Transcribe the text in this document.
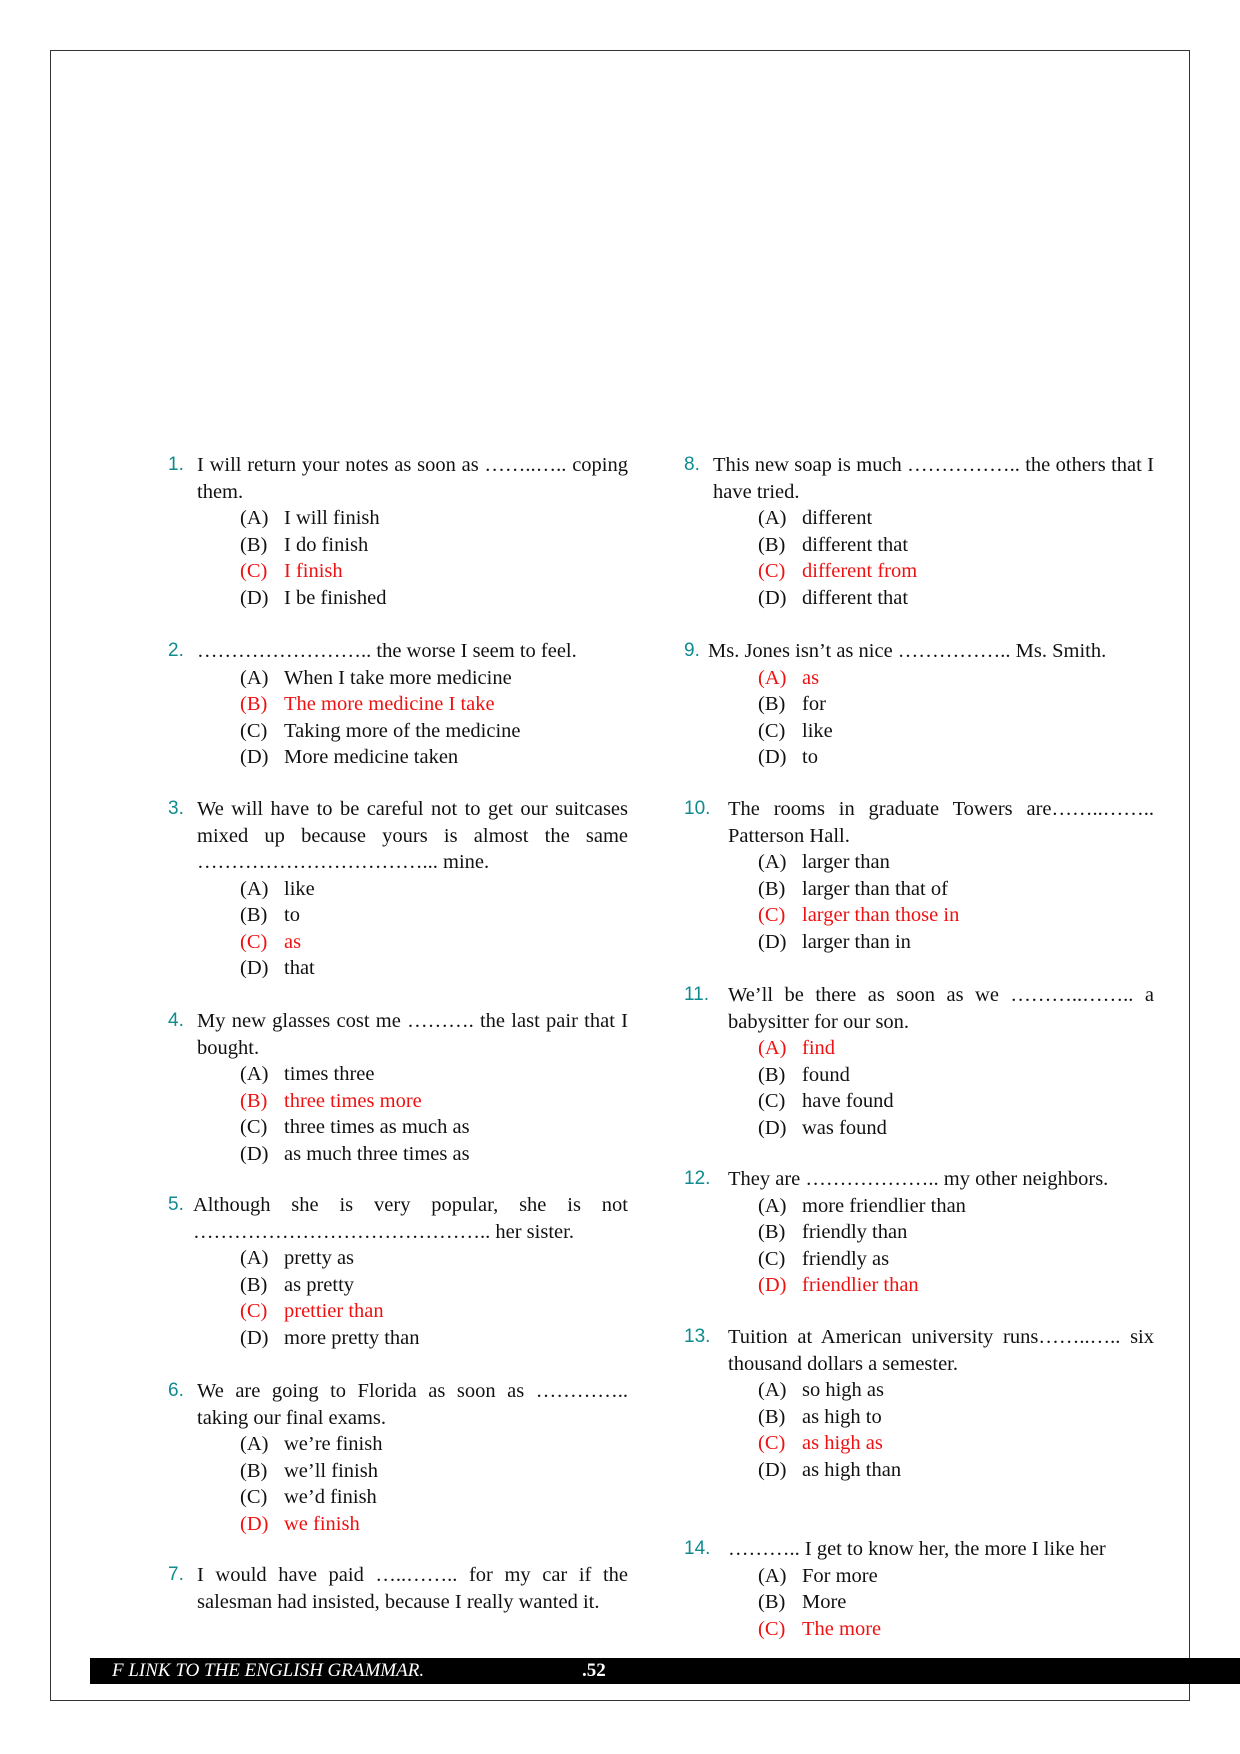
1. I will return your notes as soon as ……..….. coping them.
(A) I will finish
(B) I do finish
(C) I finish
(D) I be finished
2. …………………….. the worse I seem to feel.
(A) When I take more medicine
(B) The more medicine I take
(C) Taking more of the medicine
(D) More medicine taken
3. We will have to be careful not to get our suitcases mixed up because yours is almost the same ……………………………... mine.
(A) like
(B) to
(C) as
(D) that
4. My new glasses cost me ………. the last pair that I bought.
(A) times three
(B) three times more
(C) three times as much as
(D) as much three times as
5. Although she is very popular, she is not …………………………………….. her sister.
(A) pretty as
(B) as pretty
(C) prettier than
(D) more pretty than
6. We are going to Florida as soon as ………….. taking our final exams.
(A) we’re finish
(B) we’ll finish
(C) we’d finish
(D) we finish
7. I would have paid …..…….. for my car if the salesman had insisted, because I really wanted it.
8. This new soap is much …………….. the others that I have tried.
(A) different
(B) different that
(C) different from
(D) different that
9. Ms. Jones isn’t as nice …………….. Ms. Smith.
(A) as
(B) for
(C) like
(D) to
10. The rooms in graduate Towers are……..…….. Patterson Hall.
(A) larger than
(B) larger than that of
(C) larger than those in
(D) larger than in
11. We’ll be there as soon as we ………..…….. a babysitter for our son.
(A) find
(B) found
(C) have found
(D) was found
12. They are ……………….. my other neighbors.
(A) more friendlier than
(B) friendly than
(C) friendly as
(D) friendlier than
13. Tuition at American university runs……..….. six thousand dollars a semester.
(A) so high as
(B) as high to
(C) as high as
(D) as high than
14. ……….. I get to know her, the more I like her
(A) For more
(B) More
(C) The more
F LINK TO THE ENGLISH GRAMMAR.	.52
